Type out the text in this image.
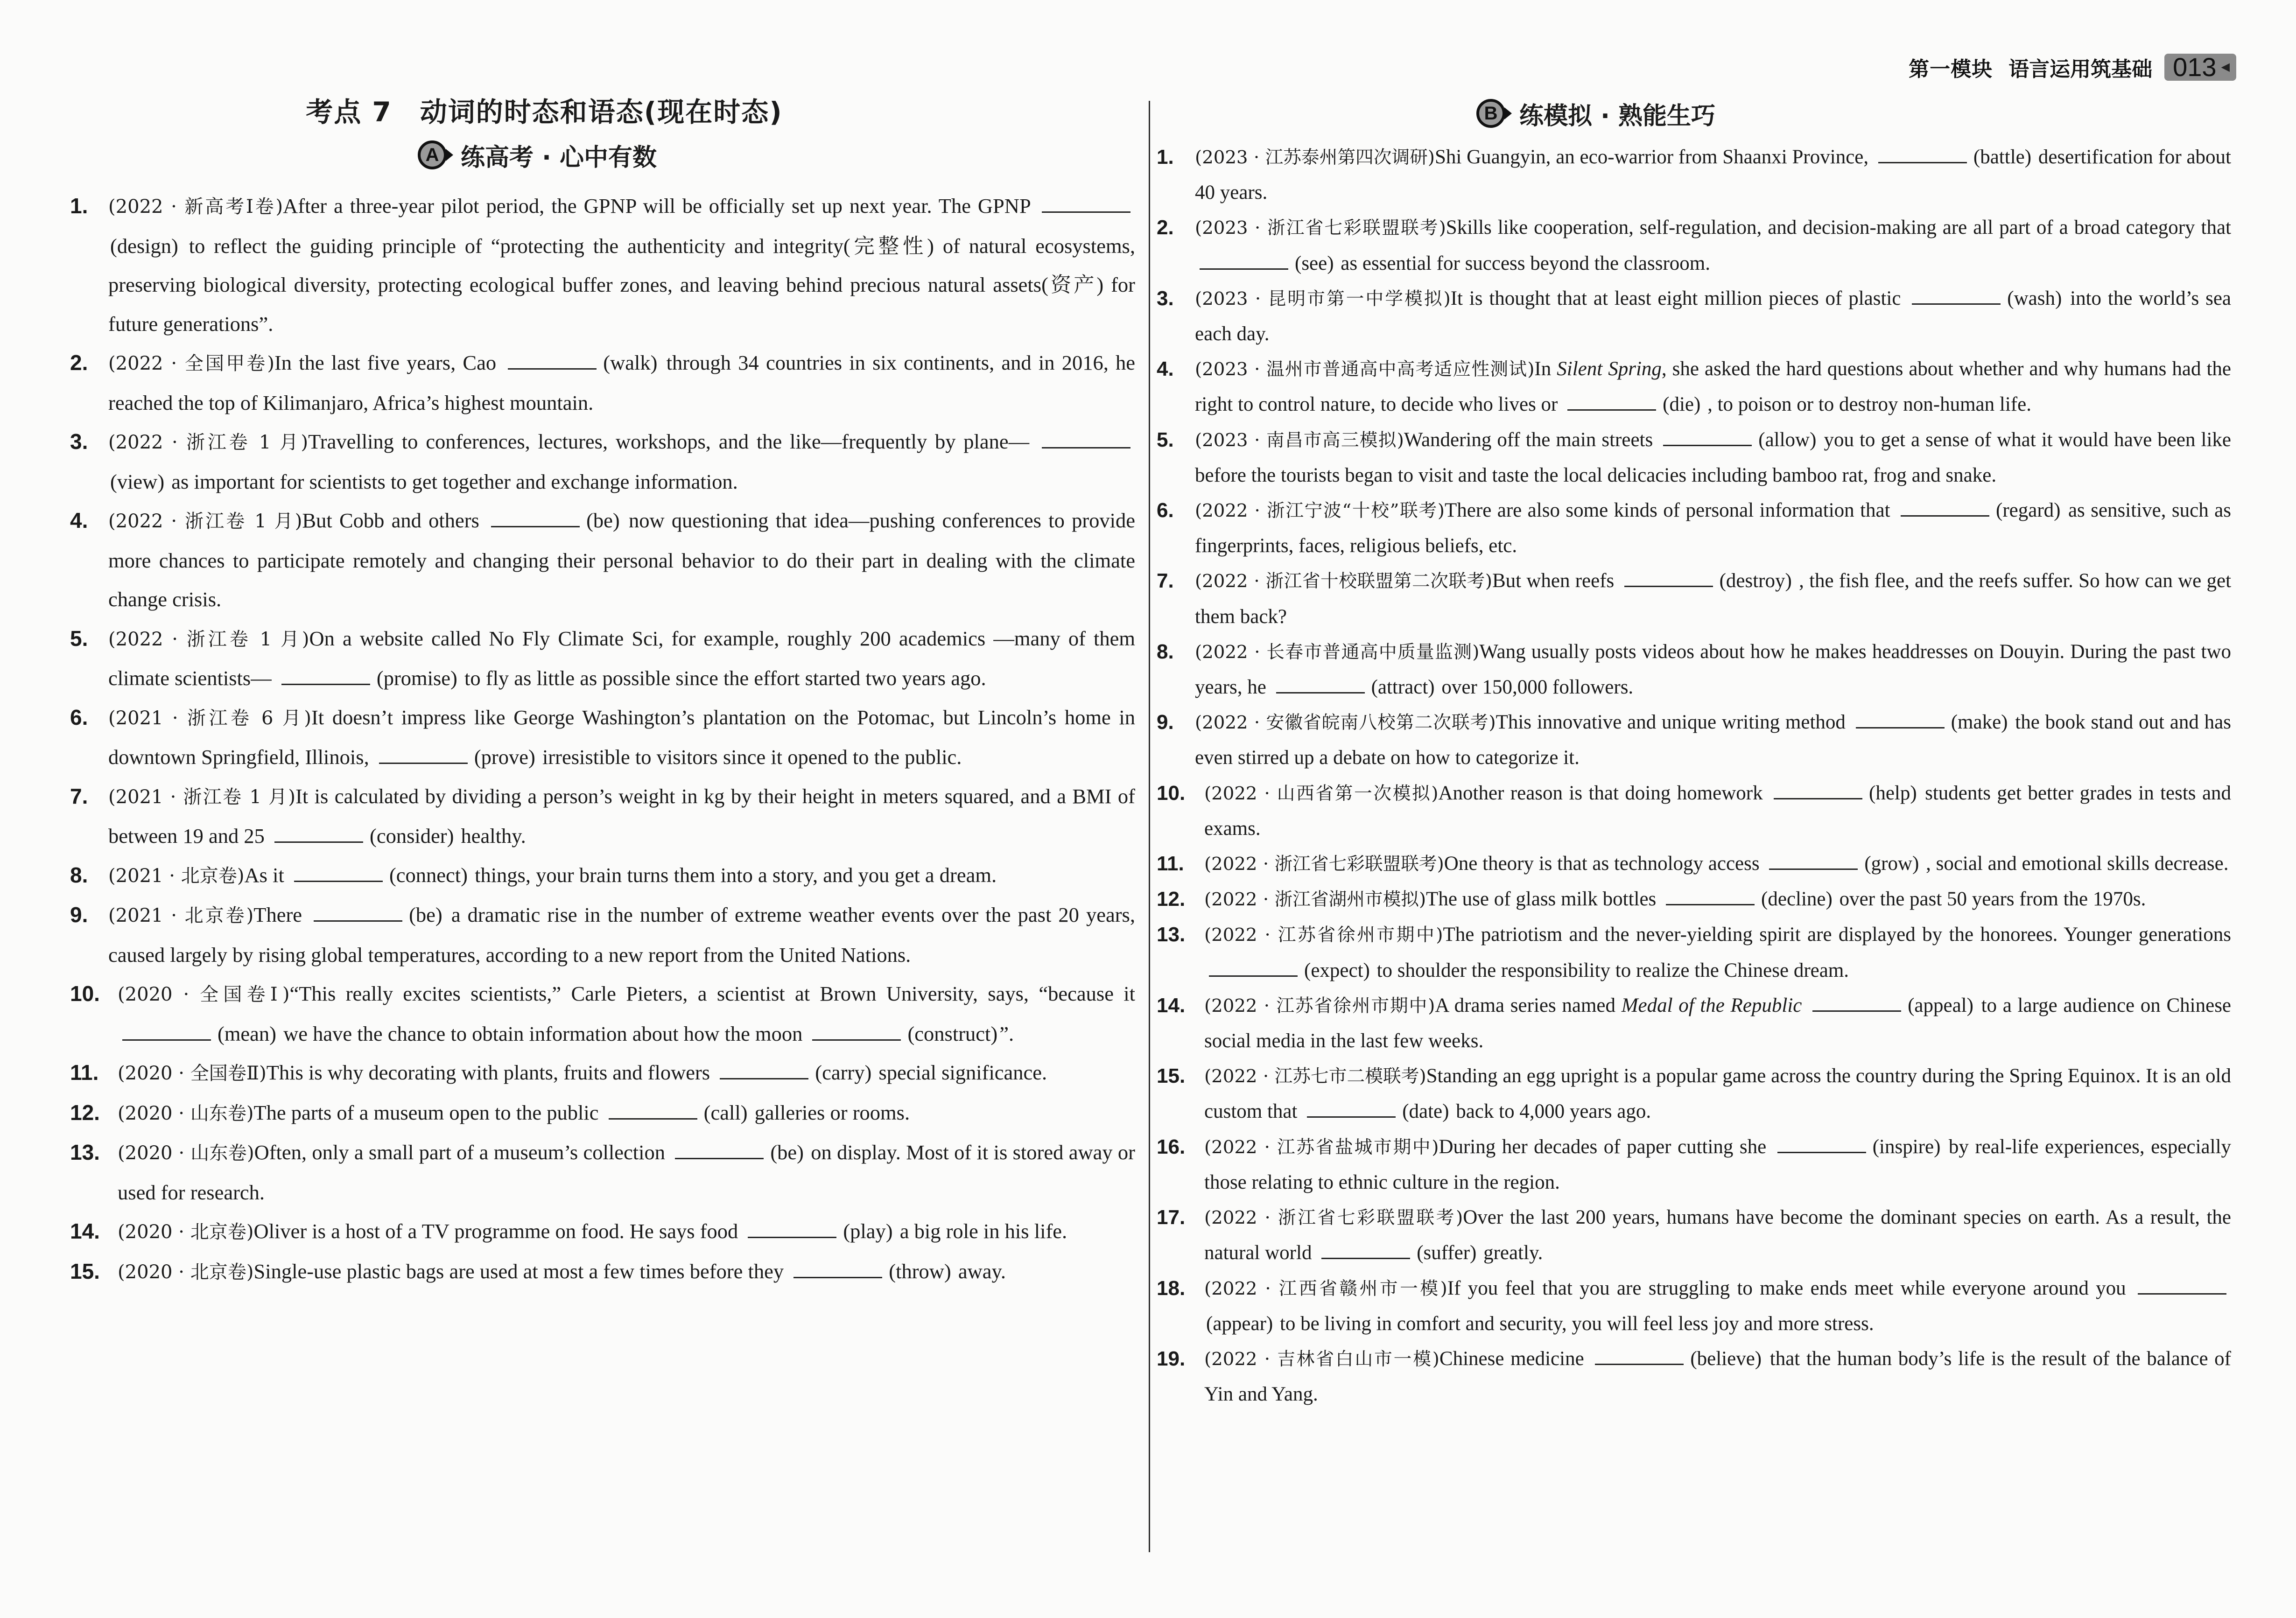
第一模块 语言运用筑基础 013 ◀
考点 7　动词的时态和语态(现在时态)
A 练高考 · 心中有数
1. (2022 · 新高考Ⅰ卷)After a three-year pilot period, the GPNP will be officially set up next year. The GPNP (design) to reflect the guiding principle of “protecting the authenticity and integrity(完整性) of natural ecosystems, preserving biological diversity, protecting ecological buffer zones, and leaving behind precious natural assets(资产) for future generations”.
2. (2022 · 全国甲卷)In the last five years, Cao	(walk) through 34 countries in six continents, and in 2016, he reached the top of Kilimanjaro, Africa’s highest mountain.
3. (2022 · 浙江卷 1 月)Travelling to conferences, lectures, workshops, and the like—frequently by plane— (view) as important for scientists to get together and exchange information.
4. (2022 · 浙江卷 1 月)But Cobb and others	(be) now questioning that idea—pushing conferences to provide more chances to participate remotely and changing their personal behavior to do their part in dealing with the climate change crisis.
5. (2022 · 浙江卷 1 月)On a website called No Fly Climate Sci, for example, roughly 200 academics —many of them climate scientists—	(promise) to fly as little as possible since the effort started two years ago.
6. (2021 · 浙江卷 6 月)It doesn’t impress like George Washington’s plantation on the Potomac, but Lincoln’s home in downtown Springfield, Illinois,	(prove) irresistible to visitors since it opened to the public.
7. (2021 · 浙江卷 1 月)It is calculated by dividing a person’s weight in kg by their height in meters squared, and a BMI of between 19 and 25	(consider) healthy.
8. (2021 · 北京卷)As it	(connect) things, your brain turns them into a story, and you get a dream.
9. (2021 · 北京卷)There	(be) a dramatic rise in the number of extreme weather events over the past 20 years, caused largely by rising global temperatures, according to a new report from the United Nations.
10. (2020 · 全国卷Ⅰ)“This really excites scientists,” Carle Pieters, a scientist at Brown University, says, “because it (mean) we have the chance to obtain information about how the moon	(construct)”.
11. (2020 · 全国卷Ⅱ)This is why decorating with plants, fruits and flowers	(carry) special significance.
12. (2020 · 山东卷)The parts of a museum open to the public	(call) galleries or rooms.
13. (2020 · 山东卷)Often, only a small part of a museum’s collection	(be) on display. Most of it is stored away or used for research.
14. (2020 · 北京卷)Oliver is a host of a TV programme on food. He says food	(play) a big role in his life.
15. (2020 · 北京卷)Single-use plastic bags are used at most a few times before they	(throw) away.
B 练模拟 · 熟能生巧
1. (2023 · 江苏泰州第四次调研)Shi Guangyin, an eco-warrior from Shaanxi Province,	(battle) desertification for about 40 years.
2. (2023 · 浙江省七彩联盟联考)Skills like cooperation, self-regulation, and decision-making are all part of a broad category that (see) as essential for success beyond the classroom.
3. (2023 · 昆明市第一中学模拟)It is thought that at least eight million pieces of plastic	(wash) into the world’s sea each day.
4. (2023 · 温州市普通高中高考适应性测试)In Silent Spring, she asked the hard questions about whether and why humans had the right to control nature, to decide who lives or	(die) , to poison or to destroy non-human life.
5. (2023 · 南昌市高三模拟)Wandering off the main streets	(allow) you to get a sense of what it would have been like before the tourists began to visit and taste the local delicacies including bamboo rat, frog and snake.
6. (2022 · 浙江宁波“十校”联考)There are also some kinds of personal information that	(regard) as sensitive, such as fingerprints, faces, religious beliefs, etc.
7. (2022 · 浙江省十校联盟第二次联考)But when reefs	(destroy) , the fish flee, and the reefs suffer. So how can we get them back?
8. (2022 · 长春市普通高中质量监测)Wang usually posts videos about how he makes headdresses on Douyin. During the past two years, he	(attract) over 150,000 followers.
9. (2022 · 安徽省皖南八校第二次联考)This innovative and unique writing method	(make) the book stand out and has even stirred up a debate on how to categorize it.
10. (2022 · 山西省第一次模拟)Another reason is that doing homework	(help) students get better grades in tests and exams.
11. (2022 · 浙江省七彩联盟联考)One theory is that as technology access	(grow) , social and emotional skills decrease.
12. (2022 · 浙江省湖州市模拟)The use of glass milk bottles	(decline) over the past 50 years from the 1970s.
13. (2022 · 江苏省徐州市期中)The patriotism and the never-yielding spirit are displayed by the honorees. Younger generations (expect) to shoulder the responsibility to realize the Chinese dream.
14. (2022 · 江苏省徐州市期中)A drama series named Medal of the Republic	(appeal) to a large audience on Chinese social media in the last few weeks.
15. (2022 · 江苏七市二模联考)Standing an egg upright is a popular game across the country during the Spring Equinox. It is an old custom that	(date) back to 4,000 years ago.
16. (2022 · 江苏省盐城市期中)During her decades of paper cutting she	(inspire) by real-life experiences, especially those relating to ethnic culture in the region.
17. (2022 · 浙江省七彩联盟联考)Over the last 200 years, humans have become the dominant species on earth. As a result, the natural world	(suffer) greatly.
18. (2022 · 江西省赣州市一模)If you feel that you are struggling to make ends meet while everyone around you (appear) to be living in comfort and security, you will feel less joy and more stress.
19. (2022 · 吉林省白山市一模)Chinese medicine	(believe) that the human body’s life is the result of the balance of Yin and Yang.
